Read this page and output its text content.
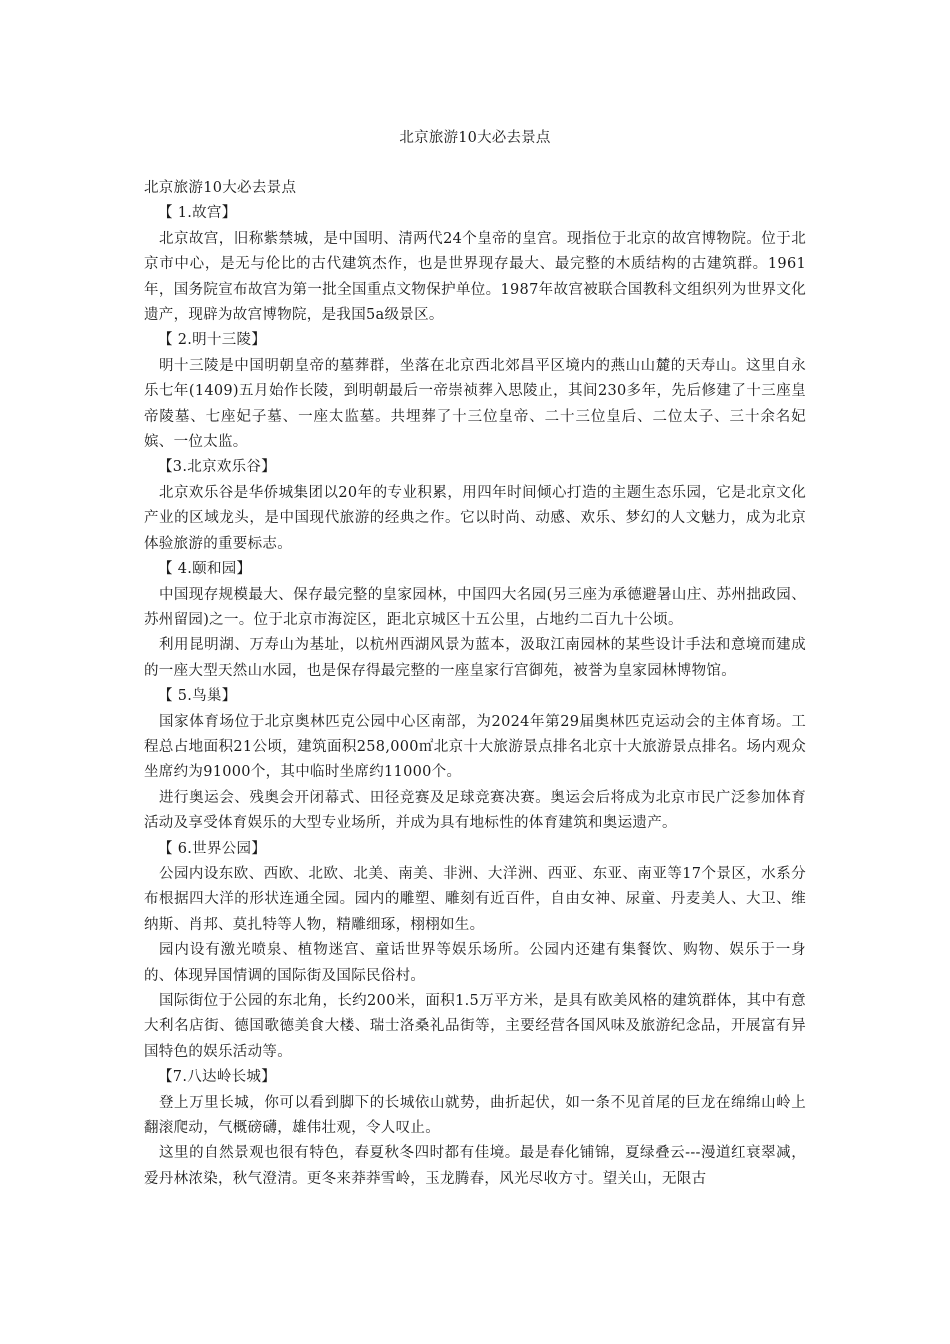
北京旅游10大必去景点

北京旅游10大必去景点

【 1.故宫】

北京故宫，旧称紫禁城，是中国明、清两代24个皇帝的皇宫。现指位于北京的故宫博物院。位于北京市中心，是无与伦比的古代建筑杰作，也是世界现存最大、最完整的木质结构的古建筑群。1961年，国务院宣布故宫为第一批全国重点文物保护单位。1987年故宫被联合国教科文组织列为世界文化遗产，现辟为故宫博物院，是我国5a级景区。

【 2.明十三陵】

明十三陵是中国明朝皇帝的墓葬群，坐落在北京西北郊昌平区境内的燕山山麓的天寿山。这里自永乐七年(1409)五月始作长陵，到明朝最后一帝崇祯葬入思陵止，其间230多年，先后修建了十三座皇帝陵墓、七座妃子墓、一座太监墓。共埋葬了十三位皇帝、二十三位皇后、二位太子、三十余名妃嫔、一位太监。

【3.北京欢乐谷】

北京欢乐谷是华侨城集团以20年的专业积累，用四年时间倾心打造的主题生态乐园，它是北京文化产业的区域龙头，是中国现代旅游的经典之作。它以时尚、动感、欢乐、梦幻的人文魅力，成为北京体验旅游的重要标志。

【 4.颐和园】

中国现存规模最大、保存最完整的皇家园林，中国四大名园(另三座为承德避暑山庄、苏州拙政园、苏州留园)之一。位于北京市海淀区，距北京城区十五公里，占地约二百九十公顷。

利用昆明湖、万寿山为基址，以杭州西湖风景为蓝本，汲取江南园林的某些设计手法和意境而建成的一座大型天然山水园，也是保存得最完整的一座皇家行宫御苑，被誉为皇家园林博物馆。

【 5.鸟巢】

国家体育场位于北京奥林匹克公园中心区南部，为2024年第29届奥林匹克运动会的主体育场。工程总占地面积21公顷，建筑面积258,000㎡北京十大旅游景点排名北京十大旅游景点排名。场内观众坐席约为91000个，其中临时坐席约11000个。

进行奥运会、残奥会开闭幕式、田径竞赛及足球竞赛决赛。奥运会后将成为北京市民广泛参加体育活动及享受体育娱乐的大型专业场所，并成为具有地标性的体育建筑和奥运遗产。

【 6.世界公园】

公园内设东欧、西欧、北欧、北美、南美、非洲、大洋洲、西亚、东亚、南亚等17个景区，水系分布根据四大洋的形状连通全园。园内的雕塑、雕刻有近百件，自由女神、尿童、丹麦美人、大卫、维纳斯、肖邦、莫扎特等人物，精雕细琢，栩栩如生。

园内设有激光喷泉、植物迷宫、童话世界等娱乐场所。公园内还建有集餐饮、购物、娱乐于一身的、体现异国情调的国际街及国际民俗村。

国际街位于公园的东北角，长约200米，面积1.5万平方米，是具有欧美风格的建筑群体，其中有意大利名店街、德国歌德美食大楼、瑞士洛桑礼品街等，主要经营各国风味及旅游纪念品，开展富有异国特色的娱乐活动等。

【7.八达岭长城】

登上万里长城，你可以看到脚下的长城依山就势，曲折起伏，如一条不见首尾的巨龙在绵绵山岭上翻滚爬动，气概磅礴，雄伟壮观，令人叹止。

这里的自然景观也很有特色，春夏秋冬四时都有佳境。最是春化铺锦，夏绿叠云---漫道红衰翠减，爱丹林浓染，秋气澄清。更冬来莽莽雪岭，玉龙腾春，风光尽收方寸。望关山，无限古
